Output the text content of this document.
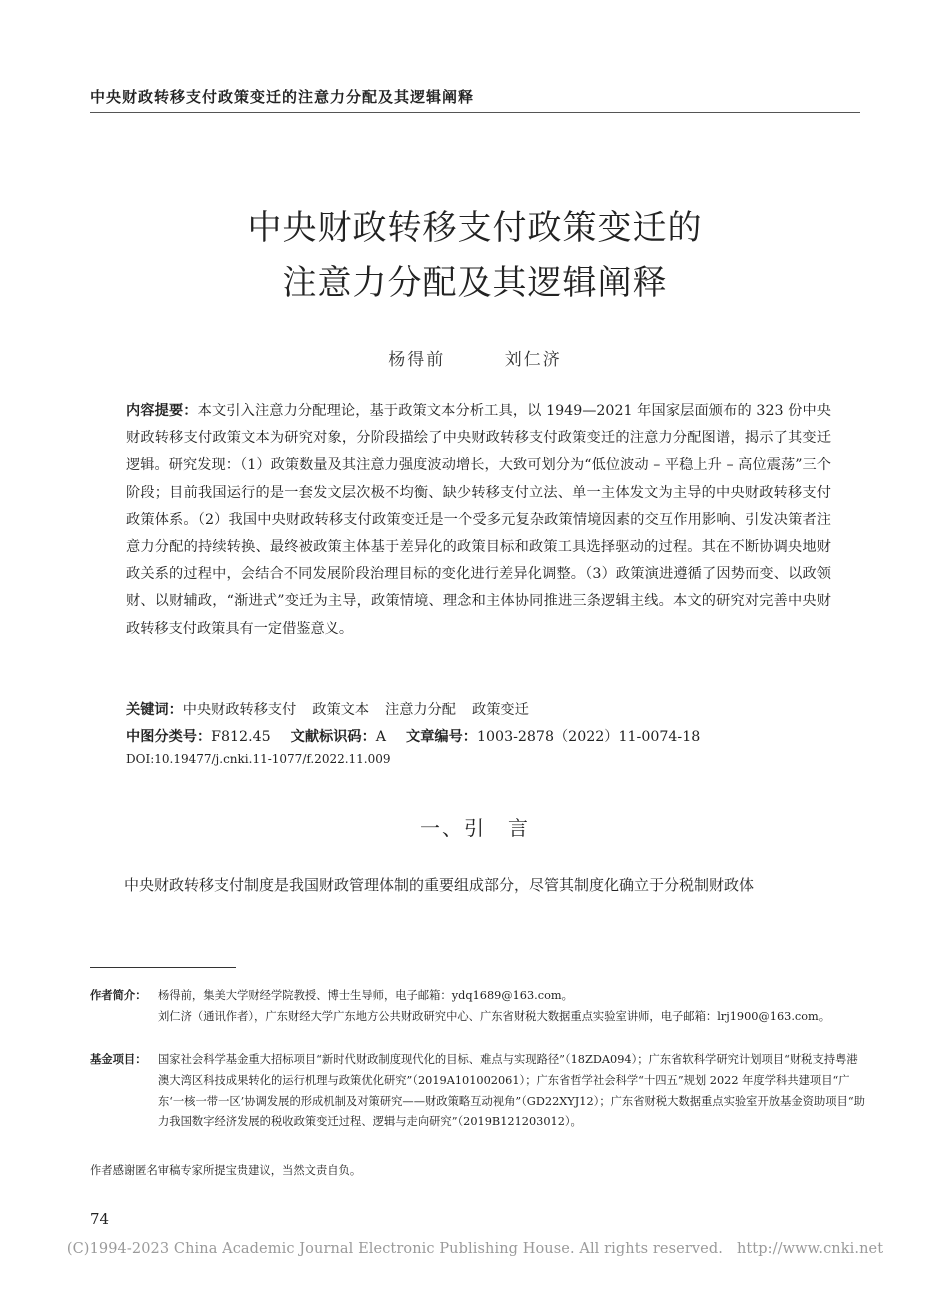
中央财政转移支付政策变迁的注意力分配及其逻辑阐释
中央财政转移支付政策变迁的
注意力分配及其逻辑阐释
杨得前	刘仁济
内容提要：本文引入注意力分配理论，基于政策文本分析工具，以 1949—2021 年国家层面颁布的 323 份中央财政转移支付政策文本为研究对象，分阶段描绘了中央财政转移支付政策变迁的注意力分配图谱，揭示了其变迁逻辑。研究发现：（1）政策数量及其注意力强度波动增长，大致可划分为“低位波动 – 平稳上升 – 高位震荡”三个阶段；目前我国运行的是一套发文层次极不均衡、缺少转移支付立法、单一主体发文为主导的中央财政转移支付政策体系。（2）我国中央财政转移支付政策变迁是一个受多元复杂政策情境因素的交互作用影响、引发决策者注意力分配的持续转换、最终被政策主体基于差异化的政策目标和政策工具选择驱动的过程。其在不断协调央地财政关系的过程中，会结合不同发展阶段治理目标的变化进行差异化调整。（3）政策演进遵循了因势而变、以政领财、以财辅政，“渐进式”变迁为主导，政策情境、理念和主体协同推进三条逻辑主线。本文的研究对完善中央财政转移支付政策具有一定借鉴意义。
关键词：中央财政转移支付 政策文本 注意力分配 政策变迁
中图分类号：F812.45 文献标识码：A 文章编号：1003-2878（2022）11-0074-18
DOI:10.19477/j.cnki.11-1077/f.2022.11.009
一、引　言
中央财政转移支付制度是我国财政管理体制的重要组成部分，尽管其制度化确立于分税制财政体
作者简介： 杨得前，集美大学财经学院教授、博士生导师，电子邮箱：ydq1689@163.com。
刘仁济（通讯作者），广东财经大学广东地方公共财政研究中心、广东省财税大数据重点实验室讲师，电子邮箱：lrj1900@163.com。
基金项目： 国家社会科学基金重大招标项目“新时代财政制度现代化的目标、难点与实现路径”（18ZDA094）；广东省软科学研究计划项目“财税支持粤港澳大湾区科技成果转化的运行机理与政策优化研究”（2019A101002061）；广东省哲学社会科学“十四五”规划 2022 年度学科共建项目“广东‘一核一带一区’协调发展的形成机制及对策研究——财政策略互动视角”（GD22XYJ12）；广东省财税大数据重点实验室开放基金资助项目“助力我国数字经济发展的税收政策变迁过程、逻辑与走向研究”（2019B121203012）。
作者感谢匿名审稿专家所提宝贵建议，当然文责自负。
74
(C)1994-2023 China Academic Journal Electronic Publishing House. All rights reserved. http://www.cnki.net
